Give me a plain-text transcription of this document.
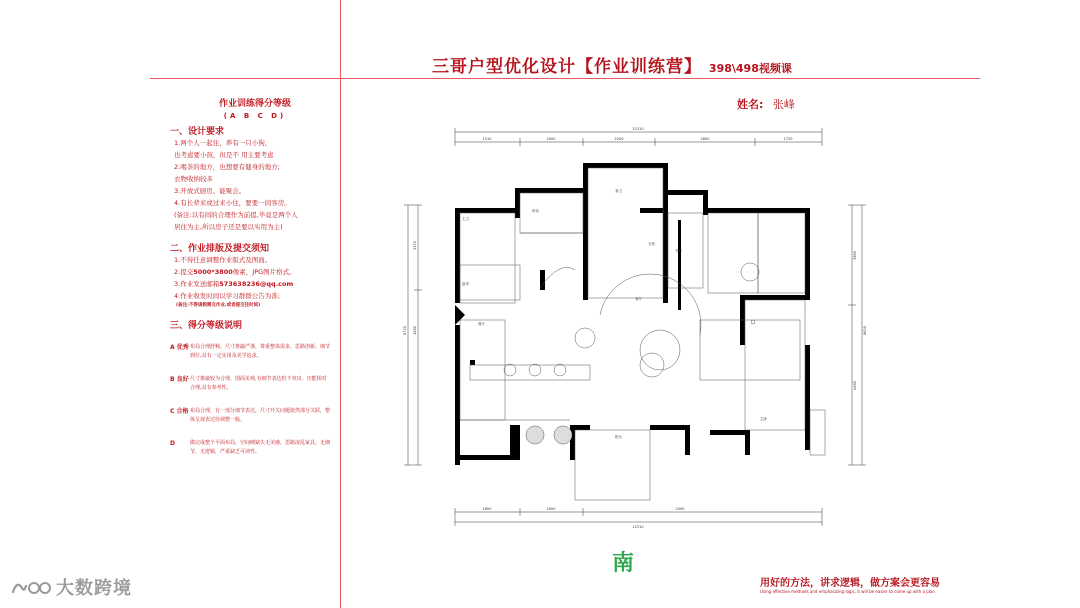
三哥户型优化设计【作业训练营】 398\498视频课
姓名: 张峰
作业训练得分等级
(A B C D)
一、设计要求
1.两个人一起住，养有一只小狗，
也考虑要小孩，但是不 用主要考虑
2.喝茶的地方，也想要有健身的地方;
衣物收纳较多
3.开放式厨房、能聚会。
4.有长辈来或过来小住，要要一间客房。
(备注:以有间的合理作为前提,毕竟是两个人
居住为主,所以房子还是要以实用为主)
二、作业排版及提交须知
1.不得任意调整作业版式及图面。
2.提交5000*3800像素，JPG图片格式。
3.作业发送邮箱573638236@qq.com
4.作业收发时间以学习群群公告为准;
(备注:不得请假需交作业,或者提交往时间)
三、得分等级说明
A 优秀 布局合理舒畅、尺寸推敲严谨，尊重整体需求、思路创新、细节到位,具有一定实用及美学追求。
B 良好 尺寸推敲较为合理，图面美观,有细节表达但不突出，功能相对合理,具有参考性。
C 合格 布局合理，有一部分细节表达，尺寸开关问题依然部分关联，整体呈现表达待调整一般。
D	做完成整个平面布局，空间硬缺失无美感，思路凌乱家具，无细节，无逻辑，严重缺乏可读性。
12310
1510	2000	2200	2600	1720
1800	2000	2000
12310
3370
6720 1460
3960
4460
8620
卧室
主卫
客卫
衣柜
客厅
餐厅
书房
阳台
厨房
主卧
南
用好的方法，讲求逻辑，做方案会更容易
Using effective methods and emphasizing logic, it will be easier to come up with a plan
大数跨境
